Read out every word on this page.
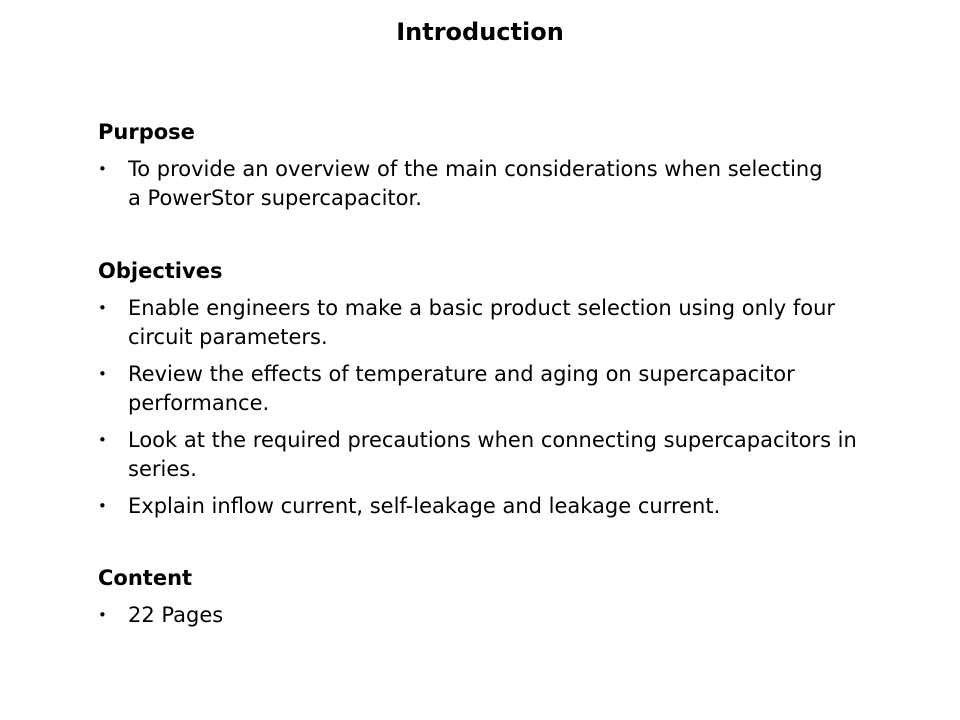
Introduction
Purpose
• To provide an overview of the main considerations when selecting a PowerStor supercapacitor.
Objectives
• Enable engineers to make a basic product selection using only four circuit parameters.
• Review the effects of temperature and aging on supercapacitor performance.
• Look at the required precautions when connecting supercapacitors in series.
• Explain inflow current, self-leakage and leakage current.
Content
• 22 Pages
